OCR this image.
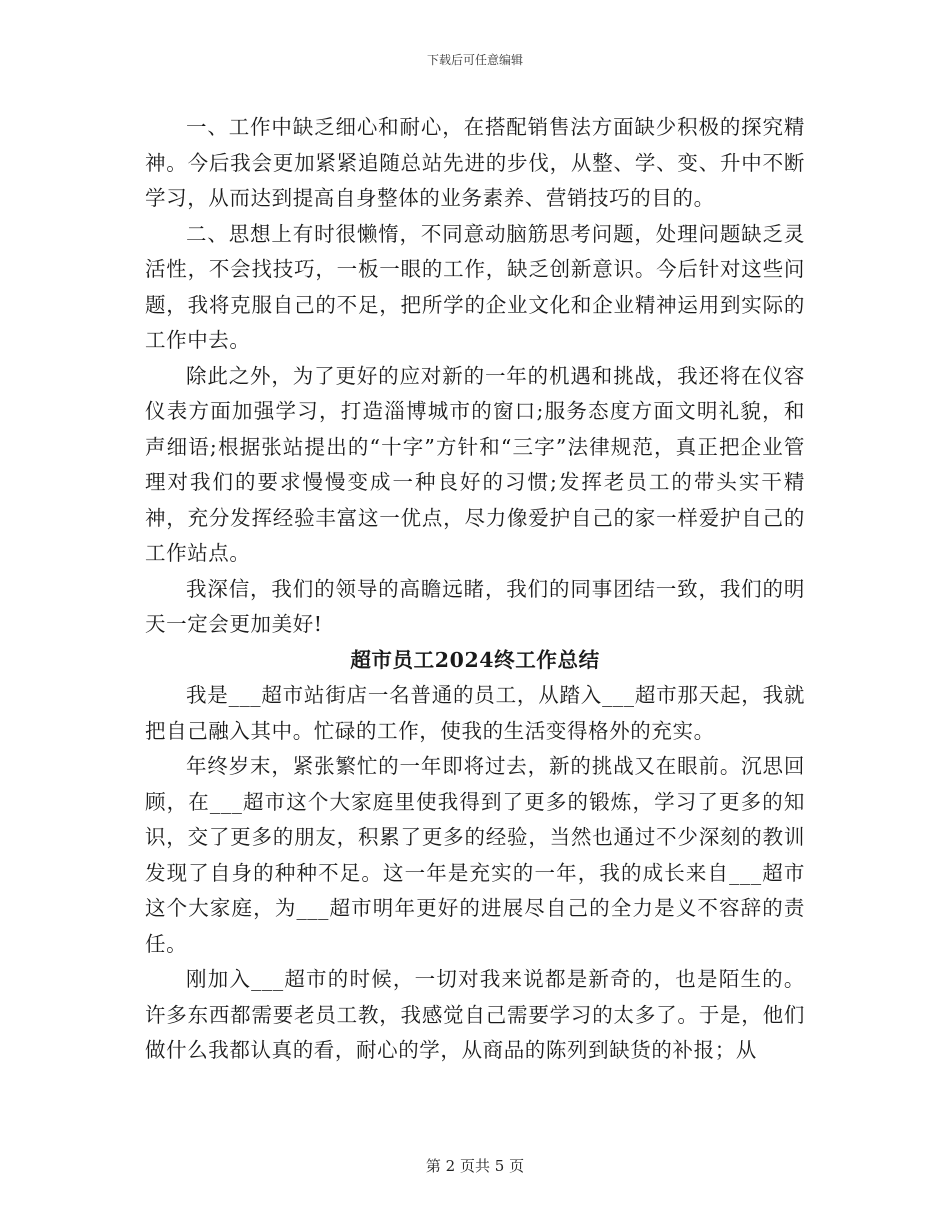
下载后可任意编辑

一、工作中缺乏细心和耐心，在搭配销售法方面缺少积极的探究精神。今后我会更加紧紧追随总站先进的步伐，从整、学、变、升中不断学习，从而达到提高自身整体的业务素养、营销技巧的目的。

二、思想上有时很懒惰，不同意动脑筋思考问题，处理问题缺乏灵活性，不会找技巧，一板一眼的工作，缺乏创新意识。今后针对这些问题，我将克服自己的不足，把所学的企业文化和企业精神运用到实际的工作中去。

除此之外，为了更好的应对新的一年的机遇和挑战，我还将在仪容仪表方面加强学习，打造淄博城市的窗口;服务态度方面文明礼貌，和声细语;根据张站提出的“十字”方针和“三字”法律规范，真正把企业管理对我们的要求慢慢变成一种良好的习惯;发挥老员工的带头实干精神，充分发挥经验丰富这一优点，尽力像爱护自己的家一样爱护自己的工作站点。

我深信，我们的领导的高瞻远睹，我们的同事团结一致，我们的明天一定会更加美好!

超市员工2024终工作总结

我是___超市站街店一名普通的员工，从踏入___超市那天起，我就把自己融入其中。忙碌的工作，使我的生活变得格外的充实。

年终岁末，紧张繁忙的一年即将过去，新的挑战又在眼前。沉思回顾，在___超市这个大家庭里使我得到了更多的锻炼，学习了更多的知识，交了更多的朋友，积累了更多的经验，当然也通过不少深刻的教训发现了自身的种种不足。这一年是充实的一年，我的成长来自___超市这个大家庭，为___超市明年更好的进展尽自己的全力是义不容辞的责任。

刚加入___超市的时候，一切对我来说都是新奇的，也是陌生的。许多东西都需要老员工教，我感觉自己需要学习的太多了。于是，他们做什么我都认真的看，耐心的学，从商品的陈列到缺货的补报；从

第 2 页共 5 页
